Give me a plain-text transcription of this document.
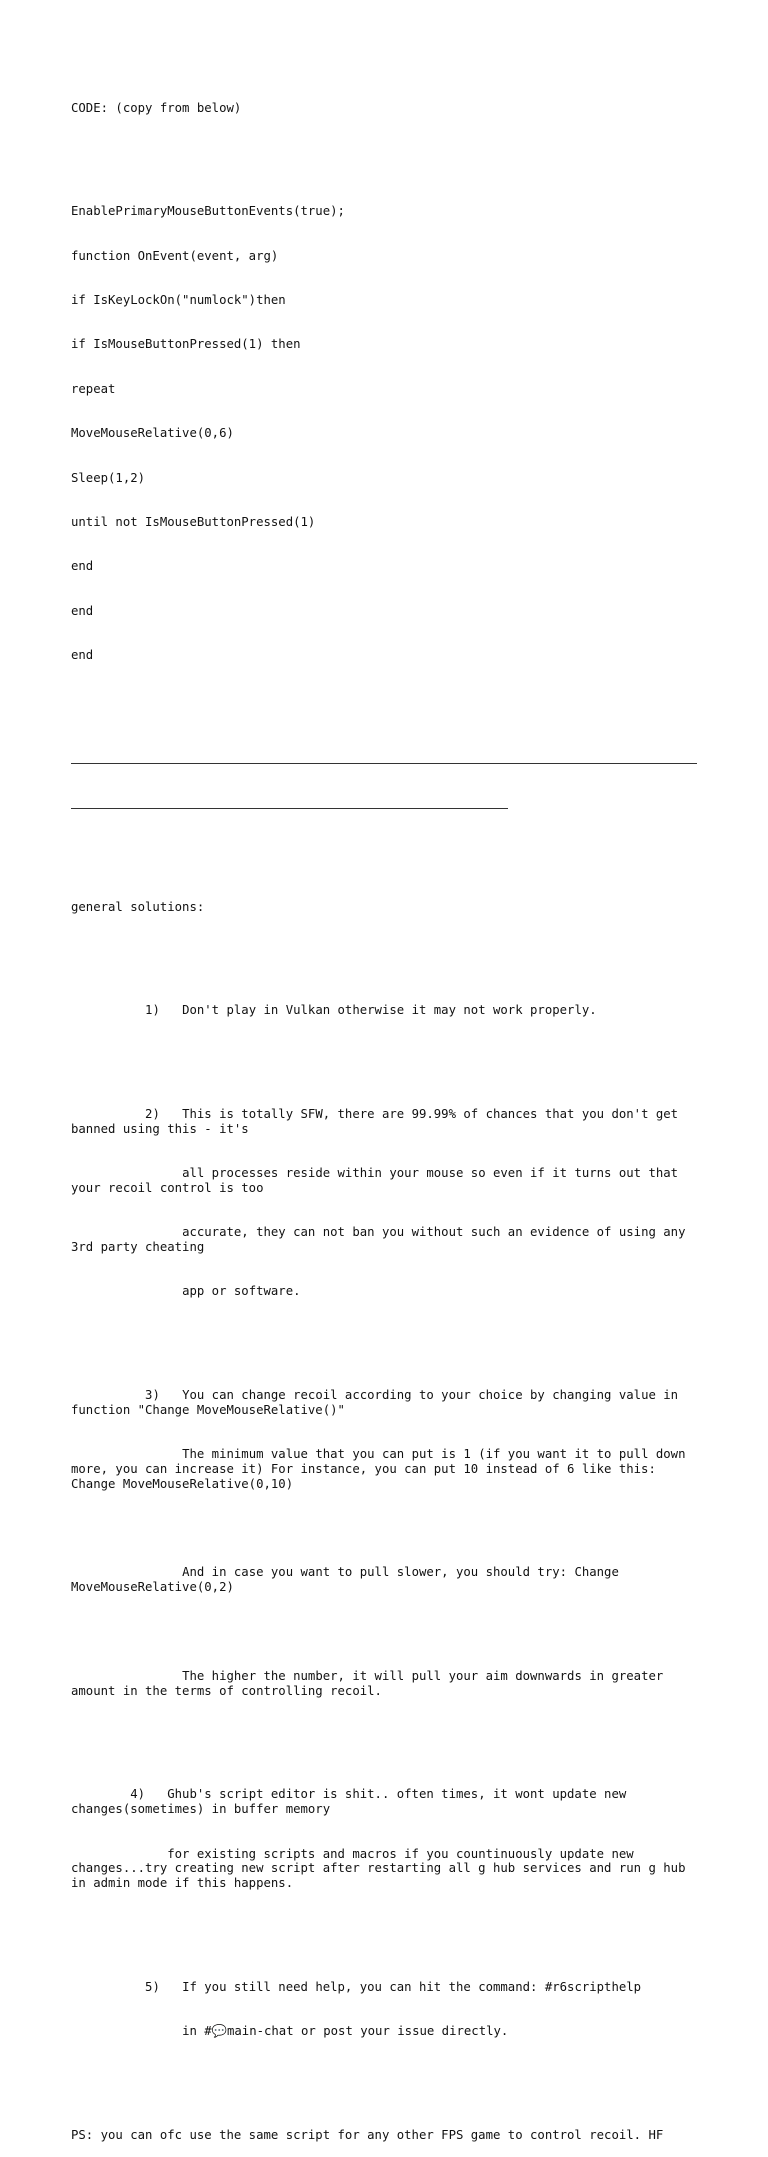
CODE: (copy from below)

EnablePrimaryMouseButtonEvents(true);

function OnEvent(event, arg)

if IsKeyLockOn("numlock")then

if IsMouseButtonPressed(1) then

repeat

MoveMouseRelative(0,6)

Sleep(1,2)

until not IsMouseButtonPressed(1)

end

end

end

general solutions:

1)   Don't play in Vulkan otherwise it may not work properly.

2)   This is totally SFW, there are 99.99% of chances that you don't get banned using this - it's

all processes reside within your mouse so even if it turns out that your recoil control is too

accurate, they can not ban you without such an evidence of using any 3rd party cheating

app or software.

3)   You can change recoil according to your choice by changing value in function "Change MoveMouseRelative()"

The minimum value that you can put is 1 (if you want it to pull down more, you can increase it) For instance, you can put 10 instead of 6 like this: Change MoveMouseRelative(0,10)

And in case you want to pull slower, you should try: Change MoveMouseRelative(0,2)

The higher the number, it will pull your aim downwards in greater amount in the terms of controlling recoil.

4)   Ghub's script editor is shit.. often times, it wont update new changes(sometimes) in buffer memory

for existing scripts and macros if you countinuously update new changes...try creating new script after restarting all g hub services and run g hub in admin mode if this happens.

5)   If you still need help, you can hit the command: #r6scripthelp

in #💬main-chat or post your issue directly.

PS: you can ofc use the same script for any other FPS game to control recoil. HF
